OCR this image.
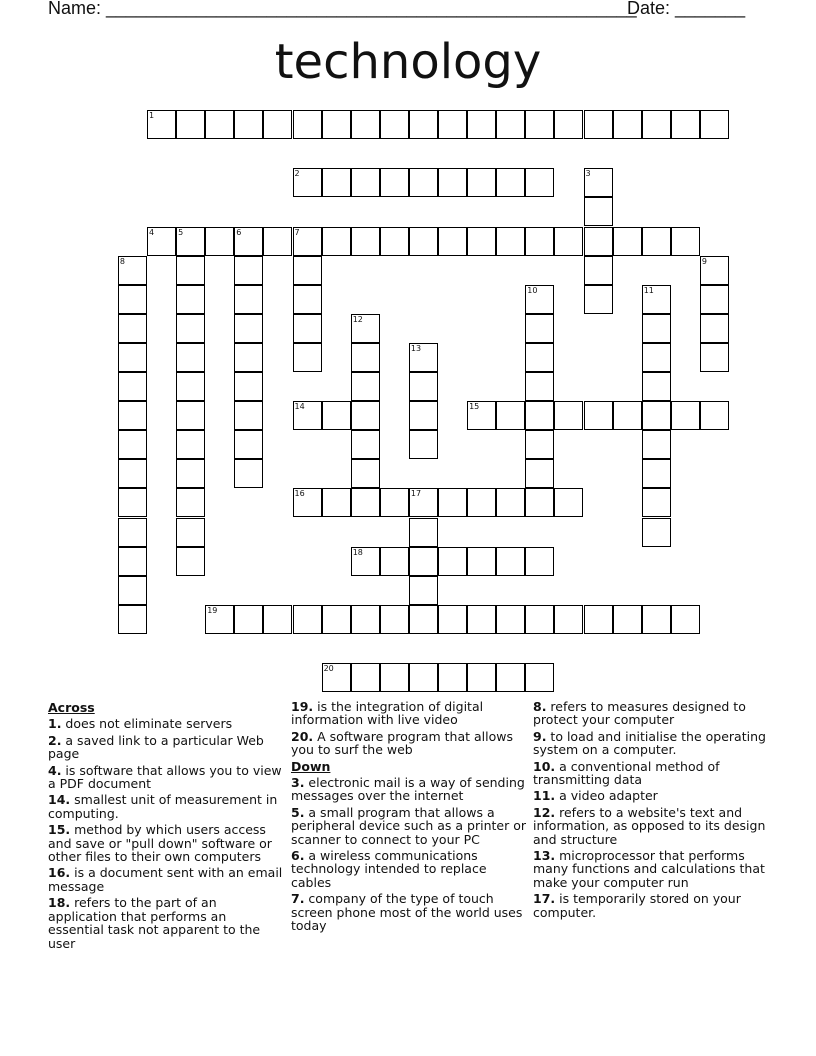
Name: _____________________________________________________
Date: _______
technology
1
2	3
4	5	6	7
8	9
10	11
12
13
14	15
16	17
18
19
20
Across
1. does not eliminate servers
2. a saved link to a particular Web page
4. is software that allows you to view a PDF document
14. smallest unit of measurement in computing.
15. method by which users access and save or "pull down" software or other files to their own computers
16. is a document sent with an email message
18. refers to the part of an application that performs an essential task not apparent to the user
19. is the integration of digital information with live video
20. A software program that allows you to surf the web
Down
3. electronic mail is a way of sending messages over the internet
5. a small program that allows a peripheral device such as a printer or scanner to connect to your PC
6. a wireless communications technology intended to replace cables
7. company of the type of touch screen phone most of the world uses today
8. refers to measures designed to protect your computer
9. to load and initialise the operating system on a computer.
10. a conventional method of transmitting data
11. a video adapter
12. refers to a website's text and information, as opposed to its design and structure
13. microprocessor that performs many functions and calculations that make your computer run
17. is temporarily stored on your computer.
